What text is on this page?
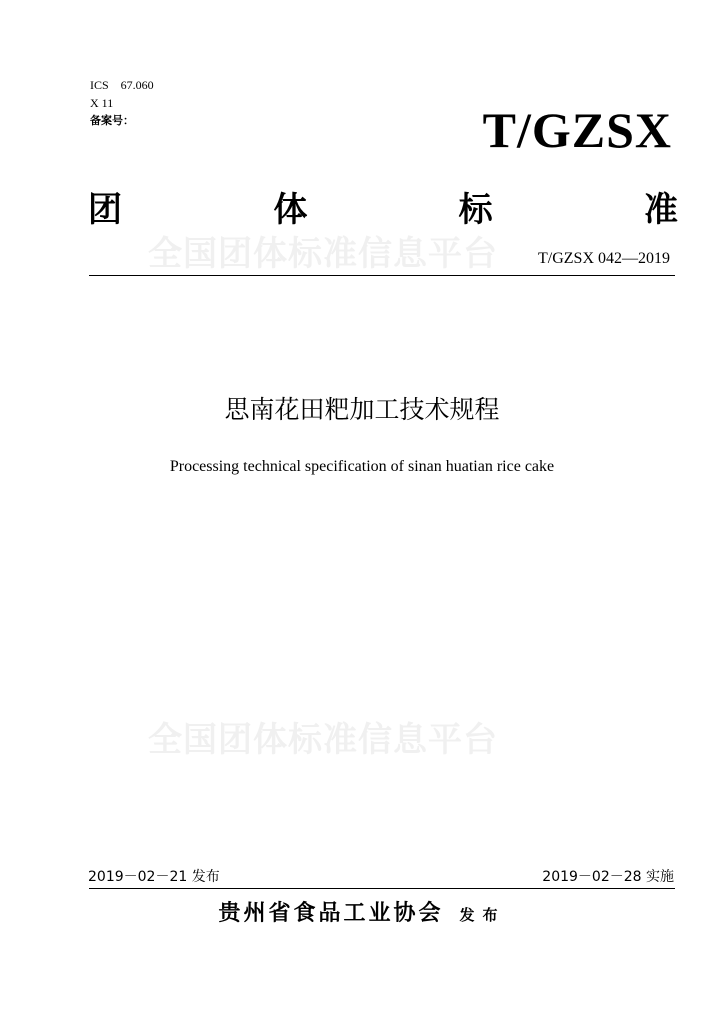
ICS　67.060
X 11
备案号：	T/GZSX
团	体	标	准
全国团体标准信息平台	T/GZSX 042—2019
思南花田粑加工技术规程
Processing technical specification of sinan huatian rice cake
全国团体标准信息平台
2019－02－21 发布	2019－02－28 实施
贵州省食品工业协会 发布
